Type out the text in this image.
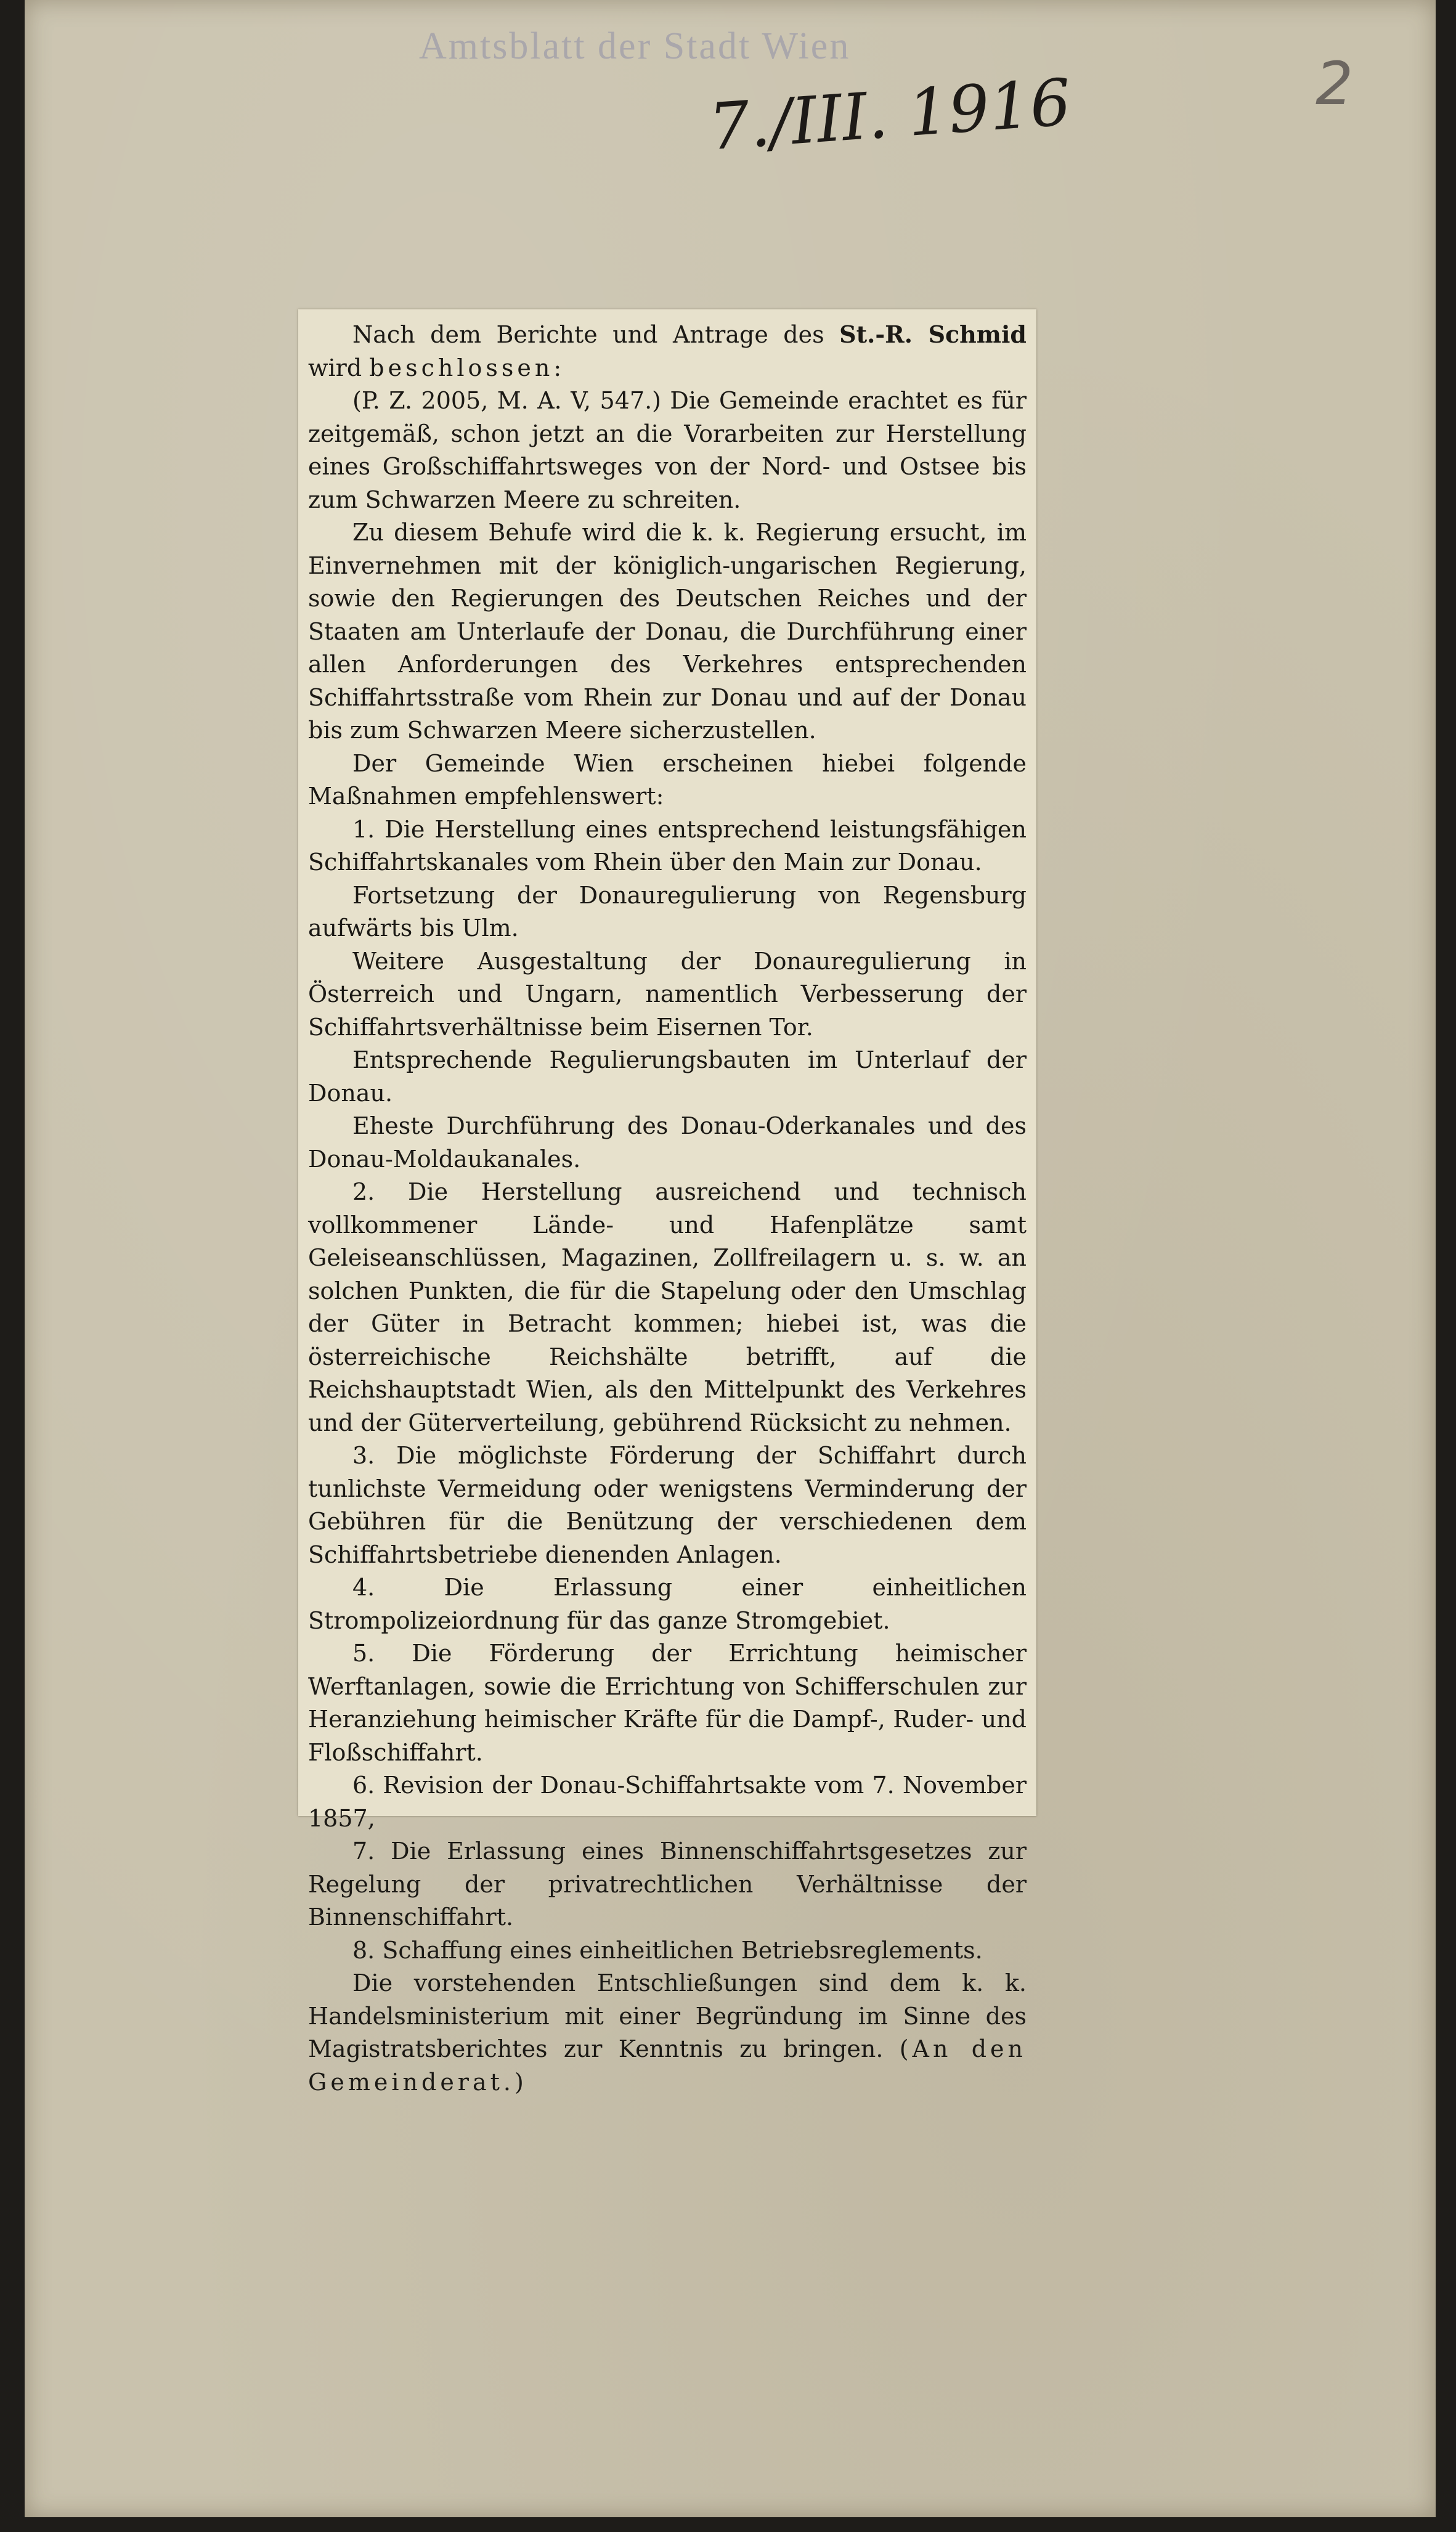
Amtsblatt der Stadt Wien
7./III. 1916	2

Nach dem Berichte und Antrage des St.-R. Schmid wird beschlossen:

(P. Z. 2005, M. A. V, 547.) Die Gemeinde erachtet es für zeitgemäß, schon jetzt an die Vorarbeiten zur Herstellung eines Großschiffahrtsweges von der Nord- und Ostsee bis zum Schwarzen Meere zu schreiten.

Zu diesem Behufe wird die k. k. Regierung ersucht, im Einvernehmen mit der königlich-ungarischen Regierung, sowie den Regierungen des Deutschen Reiches und der Staaten am Unterlaufe der Donau, die Durchführung einer allen Anforderungen des Verkehres entsprechenden Schiffahrtsstraße vom Rhein zur Donau und auf der Donau bis zum Schwarzen Meere sicherzustellen.

Der Gemeinde Wien erscheinen hiebei folgende Maßnahmen empfehlenswert:

1. Die Herstellung eines entsprechend leistungsfähigen Schiffahrtskanales vom Rhein über den Main zur Donau.

Fortsetzung der Donauregulierung von Regensburg aufwärts bis Ulm.

Weitere Ausgestaltung der Donauregulierung in Österreich und Ungarn, namentlich Verbesserung der Schiffahrtsverhältnisse beim Eisernen Tor.

Entsprechende Regulierungsbauten im Unterlauf der Donau.

Eheste Durchführung des Donau-Oderkanales und des Donau-Moldaukanales.

2. Die Herstellung ausreichend und technisch vollkommener Lände- und Hafenplätze samt Geleiseanschlüssen, Magazinen, Zollfreilagern u. s. w. an solchen Punkten, die für die Stapelung oder den Umschlag der Güter in Betracht kommen; hiebei ist, was die österreichische Reichshälte betrifft, auf die Reichshauptstadt Wien, als den Mittelpunkt des Verkehres und der Güterverteilung, gebührend Rücksicht zu nehmen.

3. Die möglichste Förderung der Schiffahrt durch tunlichste Vermeidung oder wenigstens Verminderung der Gebühren für die Benützung der verschiedenen dem Schiffahrtsbetriebe dienenden Anlagen.

4. Die Erlassung einer einheitlichen Strompolizeiordnung für das ganze Stromgebiet.

5. Die Förderung der Errichtung heimischer Werftanlagen, sowie die Errichtung von Schifferschulen zur Heranziehung heimischer Kräfte für die Dampf-, Ruder- und Floßschiffahrt.

6. Revision der Donau-Schiffahrtsakte vom 7. November 1857,

7. Die Erlassung eines Binnenschiffahrtsgesetzes zur Regelung der privatrechtlichen Verhältnisse der Binnenschiffahrt.

8. Schaffung eines einheitlichen Betriebsreglements.

Die vorstehenden Entschließungen sind dem k. k. Handelsministerium mit einer Begründung im Sinne des Magistratsberichtes zur Kenntnis zu bringen. (An den Gemeinderat.)
